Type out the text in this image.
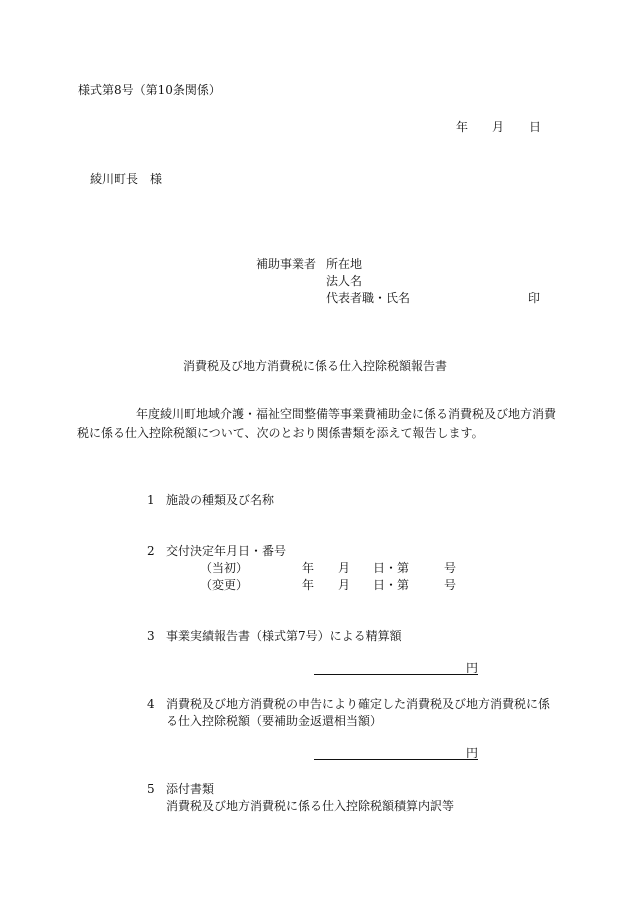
様式第8号（第10条関係）
年 月 日
綾川町長　様
補助事業者 所在地
法人名
代表者職・氏名	印
消費税及び地方消費税に係る仕入控除税額報告書
年度綾川町地域介護・福祉空間整備等事業費補助金に係る消費税及び地方消費
税に係る仕入控除税額について、次のとおり関係書類を添えて報告します。
1 施設の種類及び名称
2 交付決定年月日・番号
（当初）	年 月 日・第	号
（変更）	年 月 日・第	号
3 事業実績報告書（様式第7号）による精算額
円
4 消費税及び地方消費税の申告により確定した消費税及び地方消費税に係
る仕入控除税額（要補助金返還相当額）
円
5 添付書類
消費税及び地方消費税に係る仕入控除税額積算内訳等
